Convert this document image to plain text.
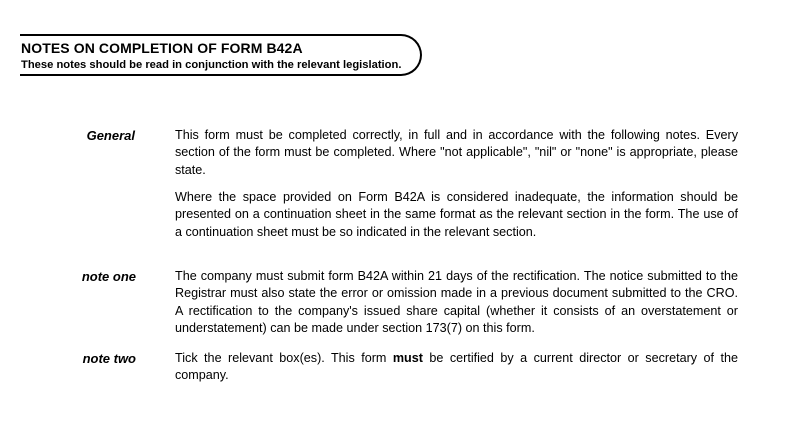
NOTES ON COMPLETION OF FORM B42A
These notes should be read in conjunction with the relevant legislation.
General	This form must be completed correctly, in full and in accordance with the following notes. Every section of the form must be completed. Where "not applicable", "nil" or "none" is appropriate, please state.
Where the space provided on Form B42A is considered inadequate, the information should be presented on a continuation sheet in the same format as the relevant section in the form. The use of a continuation sheet must be so indicated in the relevant section.
note one	The company must submit form B42A within 21 days of the rectification. The notice submitted to the Registrar must also state the error or omission made in a previous document submitted to the CRO. A rectification to the company's issued share capital (whether it consists of an overstatement or understatement) can be made under section 173(7) on this form.
note two	Tick the relevant box(es). This form must be certified by a current director or secretary of the company.
